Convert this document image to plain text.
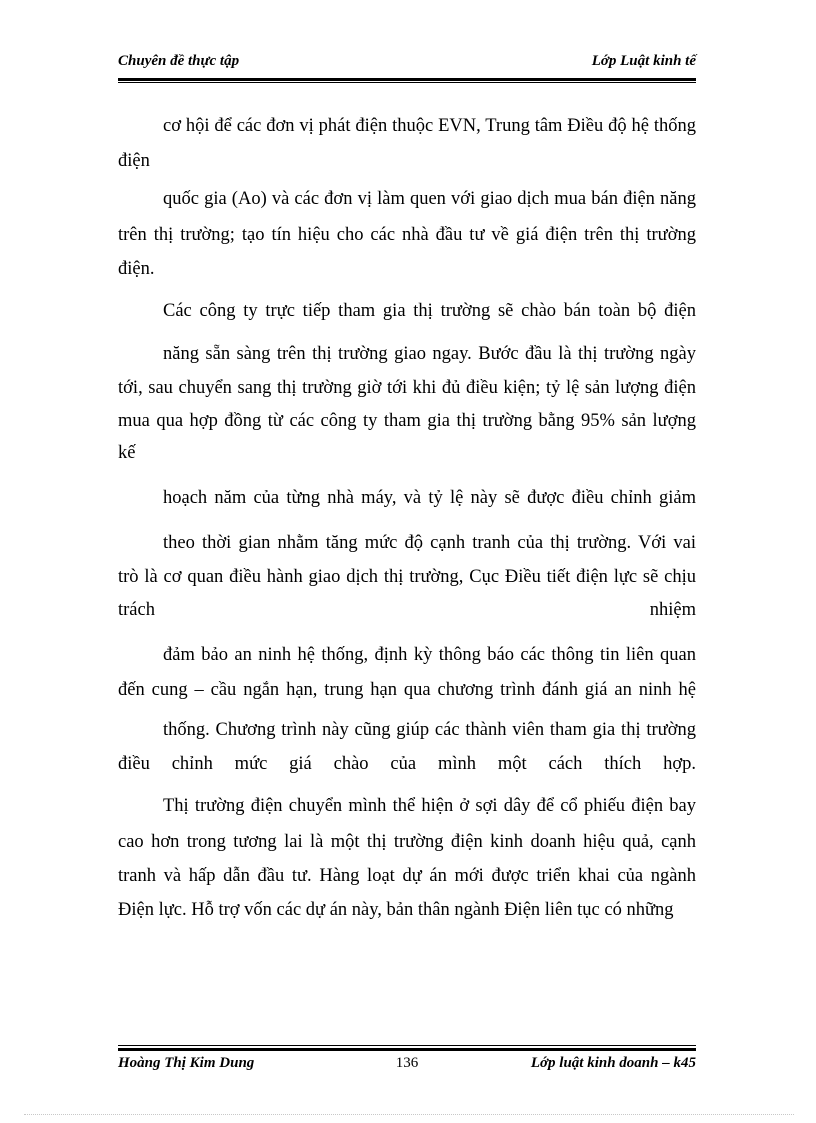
Chuyên đề thực tập	Lớp Luật kinh tế
cơ hội để các đơn vị phát điện thuộc EVN, Trung tâm Điều độ hệ thống
điện
quốc gia (Ao) và các đơn vị làm quen với giao dịch mua bán điện năng
trên thị trường; tạo tín hiệu cho các nhà đầu tư về giá điện trên thị trường
điện.
Các công ty trực tiếp tham gia thị trường sẽ chào bán toàn bộ điện
năng sẵn sàng trên thị trường giao ngay. Bước đầu là thị trường ngày
tới, sau chuyển sang thị trường giờ tới khi đủ điều kiện; tỷ lệ sản lượng điện
mua qua hợp đồng từ các công ty tham gia thị trường bằng 95% sản lượng
kế
hoạch năm của từng nhà máy, và tỷ lệ này sẽ được điều chỉnh giảm
theo thời gian nhằm tăng mức độ cạnh tranh của thị trường. Với vai
trò là cơ quan điều hành giao dịch thị trường, Cục Điều tiết điện lực sẽ chịu
trách	nhiệm
đảm bảo an ninh hệ thống, định kỳ thông báo các thông tin liên quan
đến cung – cầu ngắn hạn, trung hạn qua chương trình đánh giá an ninh hệ
thống. Chương trình này cũng giúp các thành viên tham gia thị trường
điều chỉnh mức giá chào của mình một cách thích hợp.
Thị trường điện chuyển mình thể hiện ở sợi dây để cổ phiếu điện bay
cao hơn trong tương lai là một thị trường điện kinh doanh hiệu quả, cạnh
tranh và hấp dẫn đầu tư. Hàng loạt dự án mới được triển khai của ngành
Điện lực. Hỗ trợ vốn các dự án này, bản thân ngành Điện liên tục có những
Hoàng Thị Kim Dung	136	Lớp luật kinh doanh – k45
